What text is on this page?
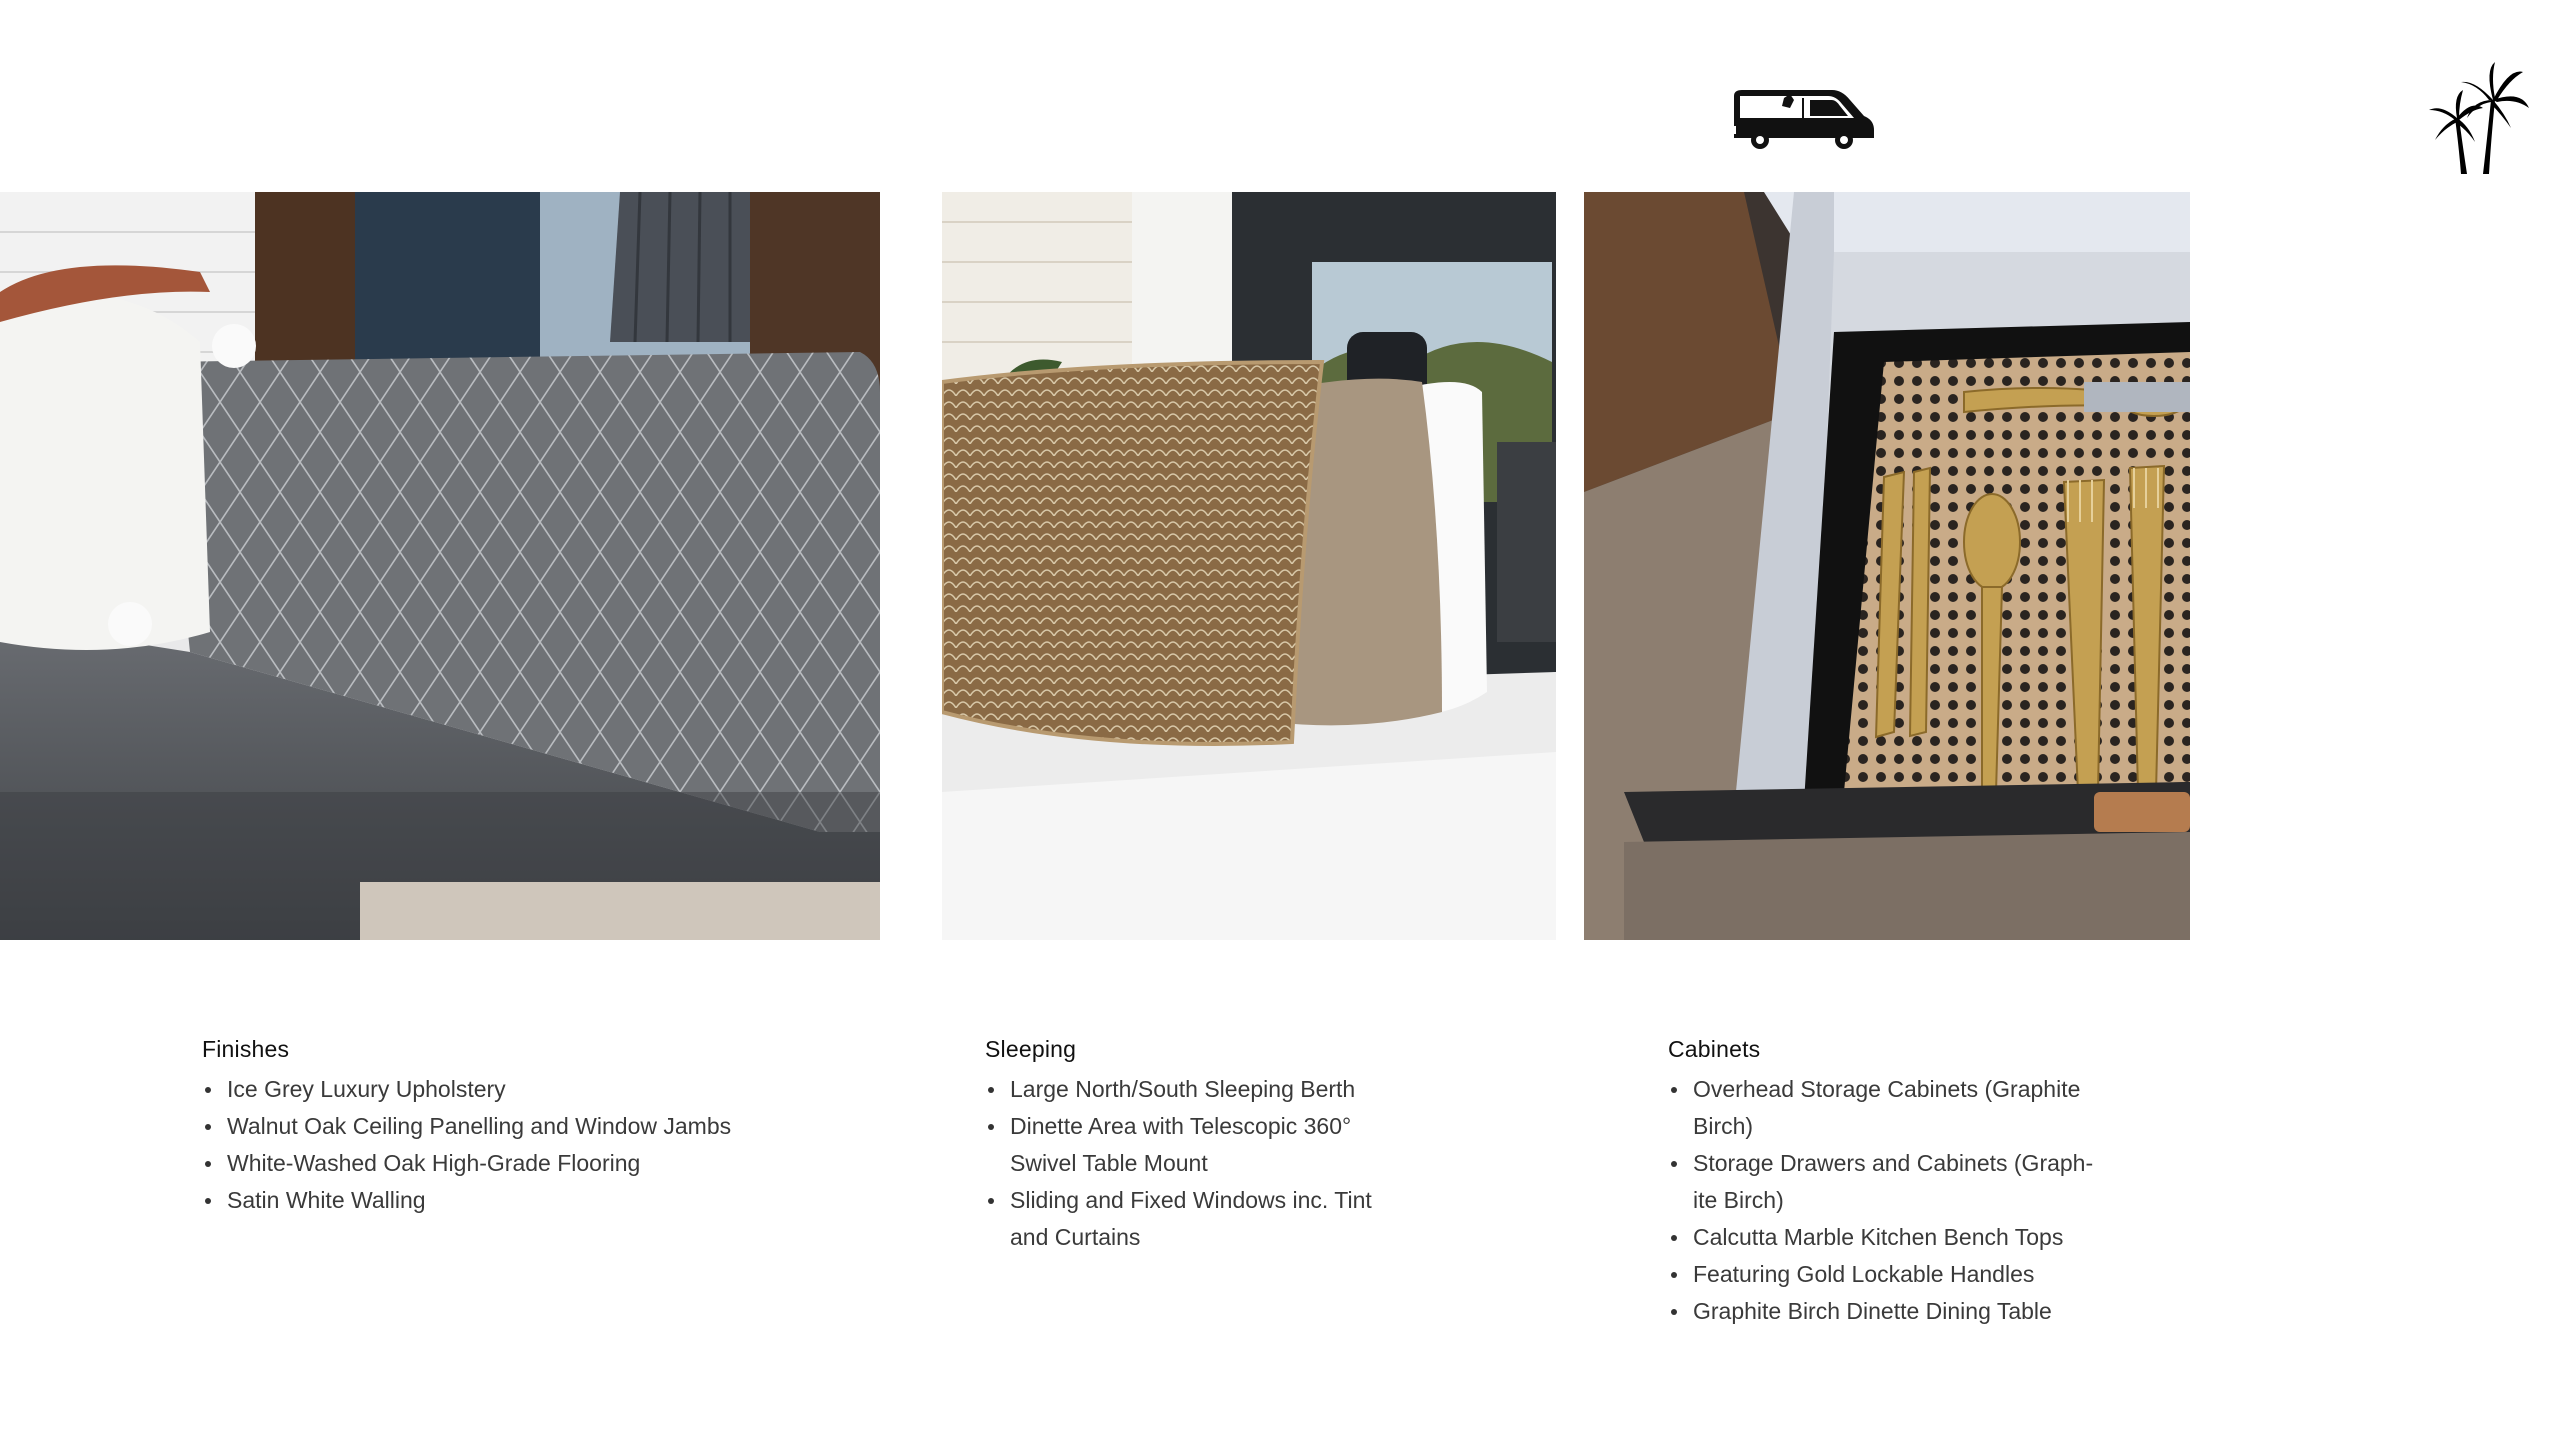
Finishes
Ice Grey Luxury Upholstery
Walnut Oak Ceiling Panelling and Window Jambs
White-Washed Oak High-Grade Flooring
Satin White Walling
Sleeping
Large North/South Sleeping Berth
Dinette Area with Telescopic 360° Swivel Table Mount
Sliding and Fixed Windows inc. Tint and Curtains
Cabinets
Overhead Storage Cabinets (Graphite Birch)
Storage Drawers and Cabinets (Graph-ite Birch)
Calcutta Marble Kitchen Bench Tops
Featuring Gold Lockable Handles
Graphite Birch Dinette Dining Table
